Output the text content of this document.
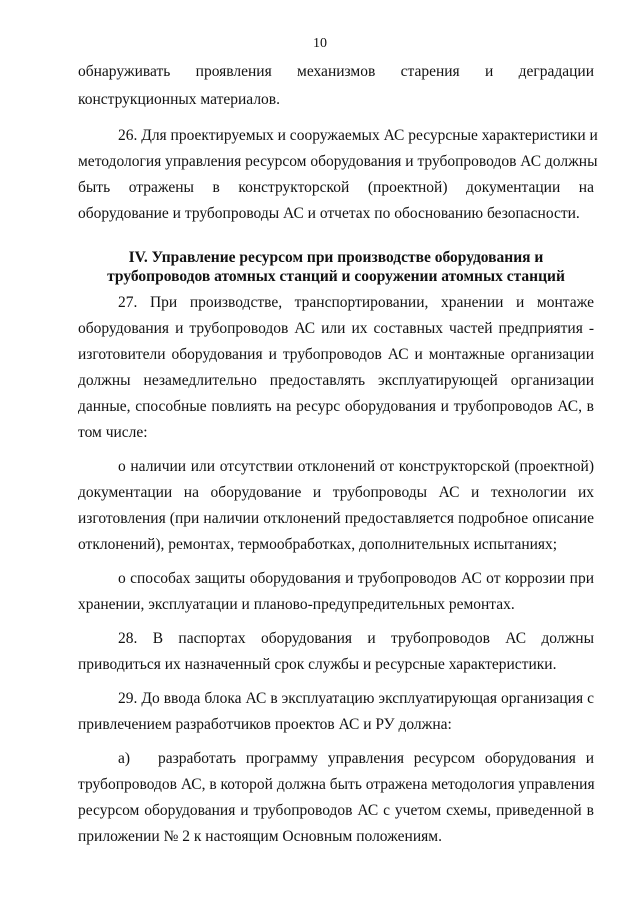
10
обнаруживать проявления механизмов старения и деградации
конструкционных материалов.
26. Для проектируемых и сооружаемых АС ресурсные характеристики и
методология управления ресурсом оборудования и трубопроводов АС должны
быть отражены в конструкторской (проектной) документации на
оборудование и трубопроводы АС и отчетах по обоснованию безопасности.
IV. Управление ресурсом при производстве оборудования и
трубопроводов атомных станций и сооружении атомных станций
27. При производстве, транспортировании, хранении и монтаже
оборудования и трубопроводов АС или их составных частей предприятия -
изготовители оборудования и трубопроводов АС и монтажные организации
должны незамедлительно предоставлять эксплуатирующей организации
данные, способные повлиять на ресурс оборудования и трубопроводов АС, в
том числе:
о наличии или отсутствии отклонений от конструкторской (проектной)
документации на оборудование и трубопроводы АС и технологии их
изготовления (при наличии отклонений предоставляется подробное описание
отклонений), ремонтах, термообработках, дополнительных испытаниях;
о способах защиты оборудования и трубопроводов АС от коррозии при
хранении, эксплуатации и планово-предупредительных ремонтах.
28. В паспортах оборудования и трубопроводов АС должны
приводиться их назначенный срок службы и ресурсные характеристики.
29. До ввода блока АС в эксплуатацию эксплуатирующая организация с
привлечением разработчиков проектов АС и РУ должна:
а)	разработать программу управления ресурсом оборудования и
трубопроводов АС, в которой должна быть отражена методология управления
ресурсом оборудования и трубопроводов АС с учетом схемы, приведенной в
приложении № 2 к настоящим Основным положениям.
